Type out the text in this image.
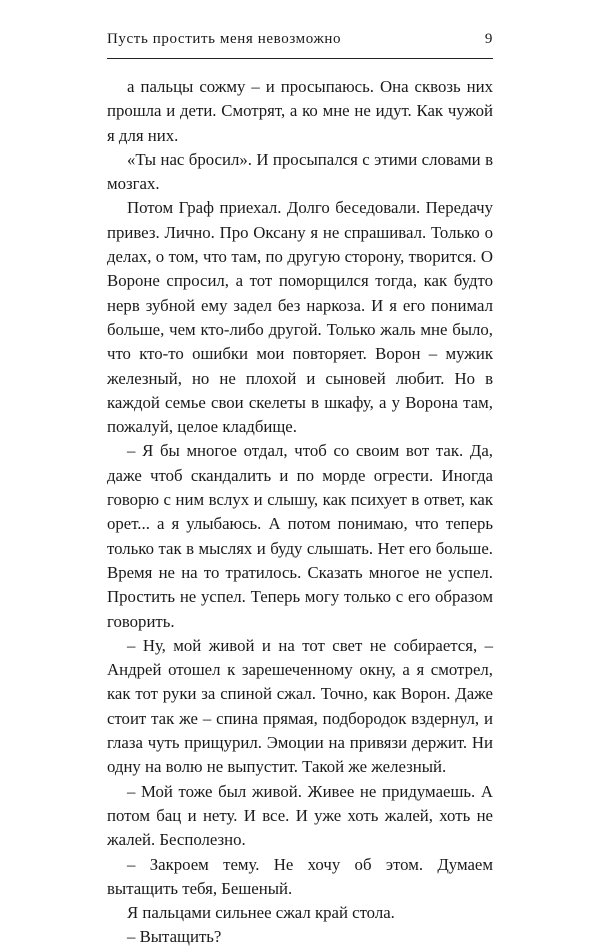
Пусть простить меня невозможно	9

а пальцы сожму – и просыпаюсь. Она сквозь них прошла и дети. Смотрят, а ко мне не идут. Как чужой я для них.

«Ты нас бросил». И просыпался с этими словами в мозгах.

Потом Граф приехал. Долго беседовали. Передачу привез. Лично. Про Оксану я не спрашивал. Только о делах, о том, что там, по другую сторону, творится. О Вороне спросил, а тот поморщился тогда, как будто нерв зубной ему задел без наркоза. И я его понимал больше, чем кто-либо другой. Только жаль мне было, что кто-то ошибки мои повторяет. Ворон – мужик железный, но не плохой и сыновей любит. Но в каждой семье свои скелеты в шкафу, а у Ворона там, пожалуй, целое кладбище.

– Я бы многое отдал, чтоб со своим вот так. Да, даже чтоб скандалить и по морде огрести. Иногда говорю с ним вслух и слышу, как психует в ответ, как орет... а я улыбаюсь. А потом понимаю, что теперь только так в мыслях и буду слышать. Нет его больше. Время не на то тратилось. Сказать многое не успел. Простить не успел. Теперь могу только с его образом говорить.

– Ну, мой живой и на тот свет не собирается, – Андрей отошел к зарешеченному окну, а я смотрел, как тот руки за спиной сжал. Точно, как Ворон. Даже стоит так же – спина прямая, подбородок вздернул, и глаза чуть прищурил. Эмоции на привязи держит. Ни одну на волю не выпустит. Такой же железный.

– Мой тоже был живой. Живее не придумаешь. А потом бац и нету. И все. И уже хоть жалей, хоть не жалей. Бесполезно.

– Закроем тему. Не хочу об этом. Думаем вытащить тебя, Бешеный.

Я пальцами сильнее сжал край стола.

– Вытащить?
